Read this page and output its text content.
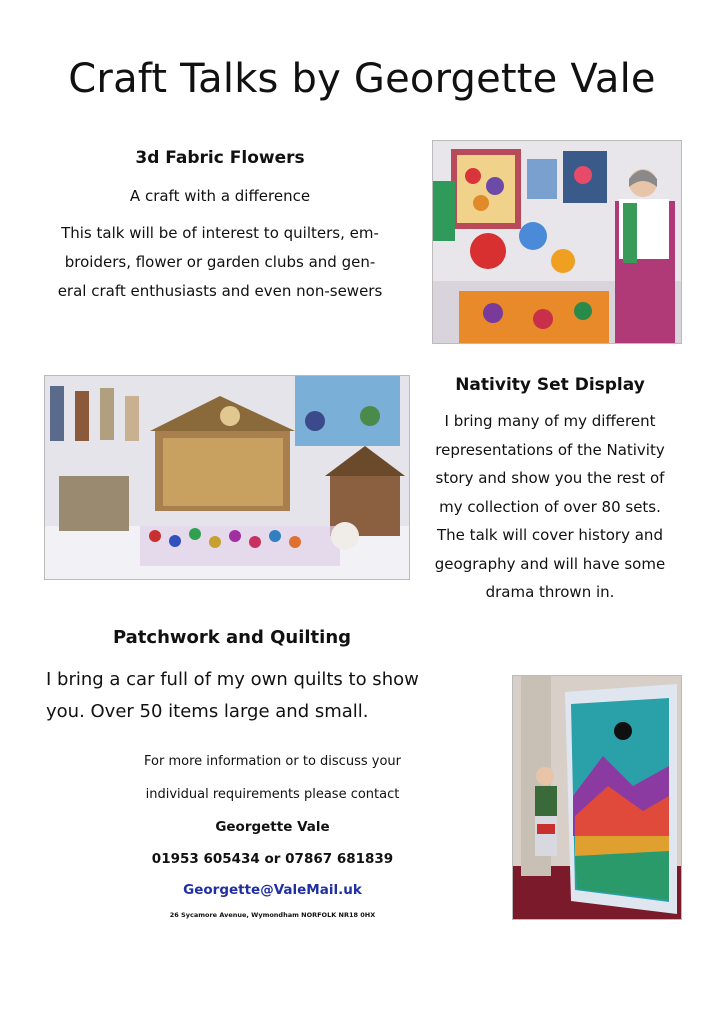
Craft Talks by Georgette Vale
3d Fabric Flowers
A craft with a difference
This talk will be of interest to quilters, em-
broiders, flower or garden clubs and gen-
eral craft enthusiasts and even non-sewers
Nativity Set Display
I bring many of my different
representations of the Nativity
story and show you the rest of
my collection of over 80 sets.
The talk will cover history and
geography and will have some
drama thrown in.
Patchwork and Quilting
I bring a car full of my own quilts to show
you. Over 50 items large and small.
For more information or to discuss your
individual requirements please contact
Georgette Vale
01953 605434 or 07867 681839
Georgette@ValeMail.uk
26 Sycamore Avenue, Wymondham NORFOLK NR18 0HX
